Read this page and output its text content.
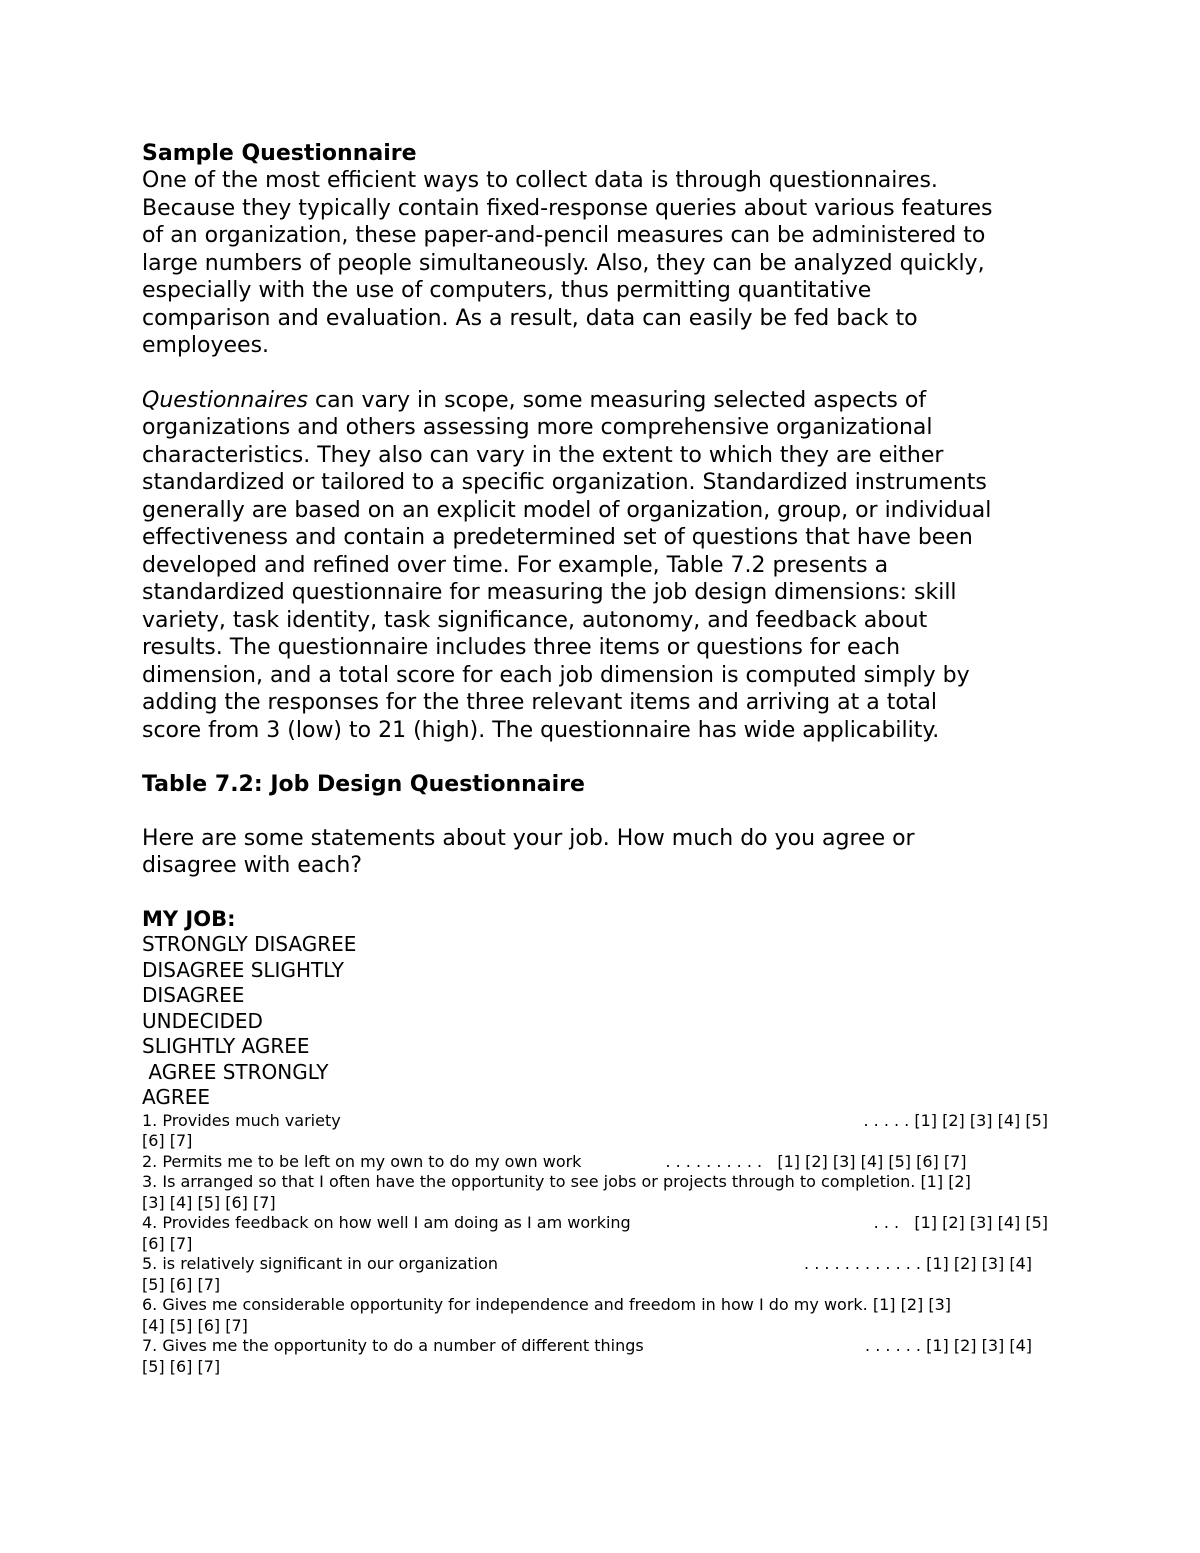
Sample Questionnaire

One of the most efficient ways to collect data is through questionnaires.

Because they typically contain fixed-response queries about various features

of an organization, these paper-and-pencil measures can be administered to

large numbers of people simultaneously. Also, they can be analyzed quickly,

especially with the use of computers, thus permitting quantitative

comparison and evaluation. As a result, data can easily be fed back to

employees.

Questionnaires can vary in scope, some measuring selected aspects of

organizations and others assessing more comprehensive organizational

characteristics. They also can vary in the extent to which they are either

standardized or tailored to a specific organization. Standardized instruments

generally are based on an explicit model of organization, group, or individual

effectiveness and contain a predetermined set of questions that have been

developed and refined over time. For example, Table 7.2 presents a

standardized questionnaire for measuring the job design dimensions: skill

variety, task identity, task significance, autonomy, and feedback about

results. The questionnaire includes three items or questions for each

dimension, and a total score for each job dimension is computed simply by

adding the responses for the three relevant items and arriving at a total

score from 3 (low) to 21 (high). The questionnaire has wide applicability.

Table 7.2: Job Design Questionnaire

Here are some statements about your job. How much do you agree or

disagree with each?

MY JOB:

STRONGLY DISAGREE

DISAGREE SLIGHTLY

DISAGREE

UNDECIDED

SLIGHTLY AGREE

AGREE STRONGLY

AGREE

1. Provides much variety	. . . . . [1] [2] [3] [4] [5]
[6] [7]
2. Permits me to be left on my own to do my own work	. . . . . . . . . .   [1] [2] [3] [4] [5] [6] [7]
3. Is arranged so that I often have the opportunity to see jobs or projects through to completion. [1] [2]
[3] [4] [5] [6] [7]
4. Provides feedback on how well I am doing as I am working	. . .   [1] [2] [3] [4] [5]
[6] [7]
5. is relatively significant in our organization	. . . . . . . . . . . . [1] [2] [3] [4]
[5] [6] [7]
6. Gives me considerable opportunity for independence and freedom in how I do my work. [1] [2] [3]
[4] [5] [6] [7]
7. Gives me the opportunity to do a number of different things	. . . . . . [1] [2] [3] [4]
[5] [6] [7]
